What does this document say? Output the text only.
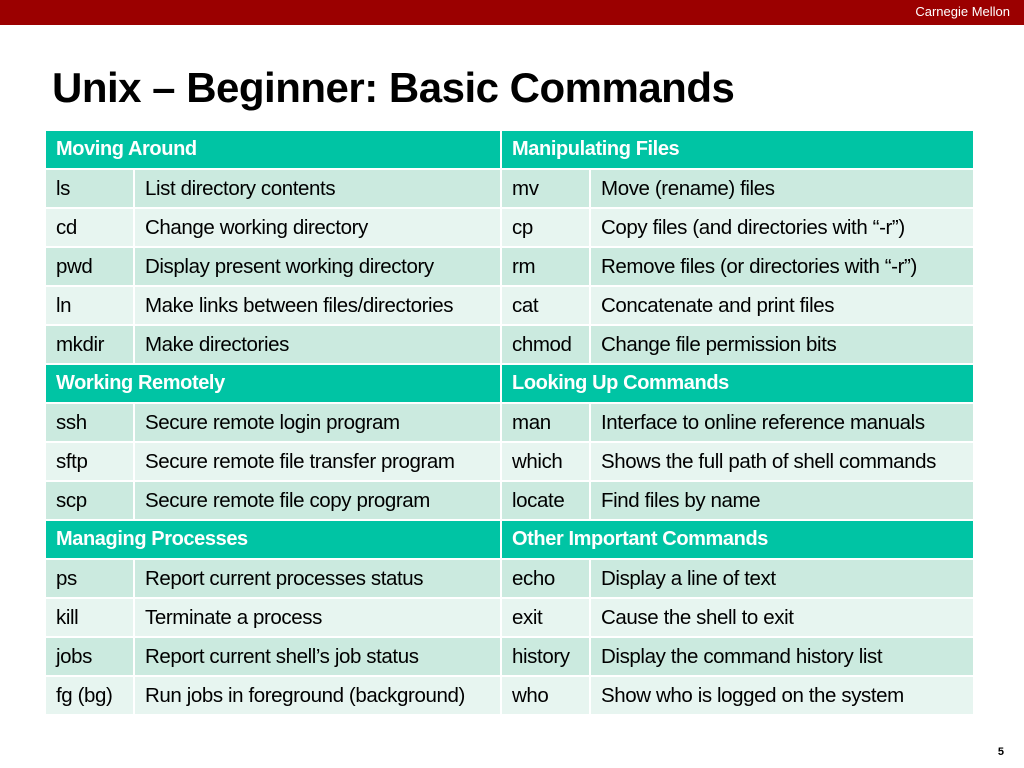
Carnegie Mellon
Unix – Beginner: Basic Commands
Moving Around		Manipulating Files	
ls	List directory contents	mv	Move (rename) files
cd	Change working directory	cp	Copy files (and directories with “-r”)
pwd	Display present working directory	rm	Remove files (or directories with “-r”)
ln	Make links between files/directories	cat	Concatenate and print files
mkdir	Make directories	chmod	Change file permission bits
Working Remotely		Looking Up Commands	
ssh	Secure remote login program	man	Interface to online reference manuals
sftp	Secure remote file transfer program	which	Shows the full path of shell commands
scp	Secure remote file copy program	locate	Find files by name
Managing Processes		Other Important Commands	
ps	Report current processes status	echo	Display a line of text
kill	Terminate a process	exit	Cause the shell to exit
jobs	Report current shell’s job status	history	Display the command history list
fg (bg)	Run jobs in foreground (background)	who	Show who is logged on the system
5
